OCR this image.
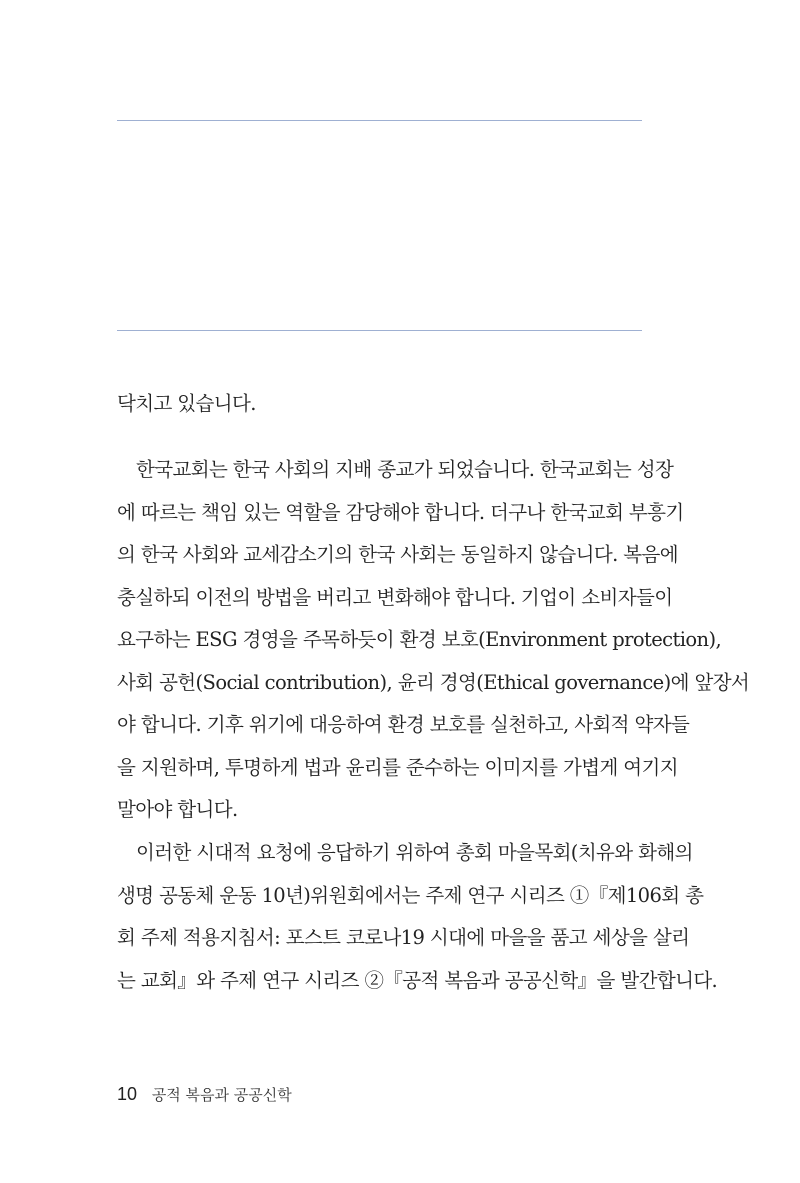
닥치고 있습니다.
한국교회는 한국 사회의 지배 종교가 되었습니다. 한국교회는 성장
에 따르는 책임 있는 역할을 감당해야 합니다. 더구나 한국교회 부흥기
의 한국 사회와 교세감소기의 한국 사회는 동일하지 않습니다. 복음에
충실하되 이전의 방법을 버리고 변화해야 합니다. 기업이 소비자들이
요구하는 ESG 경영을 주목하듯이 환경 보호(Environment protection),
사회 공헌(Social contribution), 윤리 경영(Ethical governance)에 앞장서
야 합니다. 기후 위기에 대응하여 환경 보호를 실천하고, 사회적 약자들
을 지원하며, 투명하게 법과 윤리를 준수하는 이미지를 가볍게 여기지
말아야 합니다.
이러한 시대적 요청에 응답하기 위하여 총회 마을목회(치유와 화해의
생명 공동체 운동 10년)위원회에서는 주제 연구 시리즈 ①『제106회 총
회 주제 적용지침서: 포스트 코로나19 시대에 마을을 품고 세상을 살리
는 교회』와 주제 연구 시리즈 ②『공적 복음과 공공신학』을 발간합니다.
10 공적 복음과 공공신학
